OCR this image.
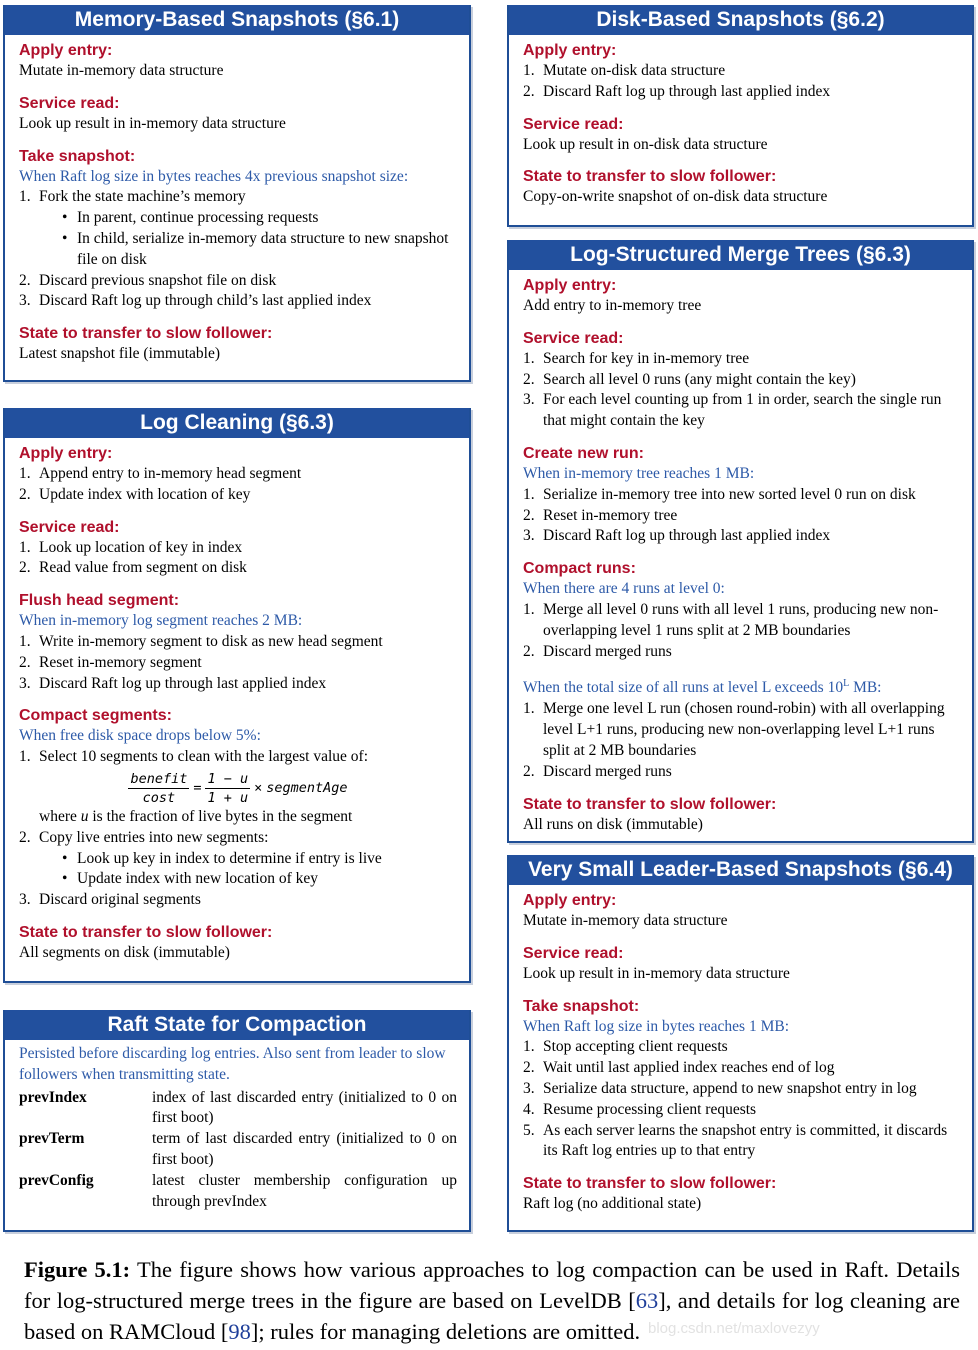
Memory-Based Snapshots (§6.1)
Apply entry:
Mutate in-memory data structure
Service read:
Look up result in in-memory data structure
Take snapshot:
When Raft log size in bytes reaches 4x previous snapshot size:
1. Fork the state machine’s memory
• In parent, continue processing requests
• In child, serialize in-memory data structure to new snapshot file on disk
2. Discard previous snapshot file on disk
3. Discard Raft log up through child’s last applied index
State to transfer to slow follower:
Latest snapshot file (immutable)
Log Cleaning (§6.3)
Apply entry:
1. Append entry to in-memory head segment
2. Update index with location of key
Service read:
1. Look up location of key in index
2. Read value from segment on disk
Flush head segment:
When in-memory log segment reaches 2 MB:
1. Write in-memory segment to disk as new head segment
2. Reset in-memory segment
3. Discard Raft log up through last applied index
Compact segments:
When free disk space drops below 5%:
1. Select 10 segments to clean with the largest value of:
$\frac{\text{benefit}}{\cos t} = \frac{1 - u}{1 + u}$ × segmentAge
where u is the fraction of live bytes in the segment
2. Copy live entries into new segments:
• Look up key in index to determine if entry is live
• Update index with new location of key
3. Discard original segments
State to transfer to slow follower:
All segments on disk (immutable)
Raft State for Compaction
Persisted before discarding log entries. Also sent from leader to slow followers when transmitting state.
prevIndex	index of last discarded entry (initialized to 0 on first boot)
prevTerm	term of last discarded entry (initialized to 0 on first boot)
prevConfig	latest cluster membership configuration up through prevIndex
Disk-Based Snapshots (§6.2)
Apply entry:
1. Mutate on-disk data structure
2. Discard Raft log up through last applied index
Service read:
Look up result in on-disk data structure
State to transfer to slow follower:
Copy-on-write snapshot of on-disk data structure
Log-Structured Merge Trees (§6.3)
Apply entry:
Add entry to in-memory tree
Service read:
1. Search for key in in-memory tree
2. Search all level 0 runs (any might contain the key)
3. For each level counting up from 1 in order, search the single run that might contain the key
Create new run:
When in-memory tree reaches 1 MB:
1. Serialize in-memory tree into new sorted level 0 run on disk
2. Reset in-memory tree
3. Discard Raft log up through last applied index
Compact runs:
When there are 4 runs at level 0:
1. Merge all level 0 runs with all level 1 runs, producing new non-overlapping level 1 runs split at 2 MB boundaries
2. Discard merged runs
When the total size of all runs at level L exceeds $10^L$ MB:
1. Merge one level L run (chosen round-robin) with all overlapping level L+1 runs, producing new non-overlapping level L+1 runs split at 2 MB boundaries
2. Discard merged runs
State to transfer to slow follower:
All runs on disk (immutable)
Very Small Leader-Based Snapshots (§6.4)
Apply entry:
Mutate in-memory data structure
Service read:
Look up result in in-memory data structure
Take snapshot:
When Raft log size in bytes reaches 1 MB:
1. Stop accepting client requests
2. Wait until last applied index reaches end of log
3. Serialize data structure, append to new snapshot entry in log
4. Resume processing client requests
5. As each server learns the snapshot entry is committed, it discards its Raft log entries up to that entry
State to transfer to slow follower:
Raft log (no additional state)
Figure 5.1: The figure shows how various approaches to log compaction can be used in Raft. Details for log-structured merge trees in the figure are based on LevelDB [63], and details for log cleaning are based on RAMCloud [98]; rules for managing deletions are omitted. blog.csdn.net/maxlovezyy
